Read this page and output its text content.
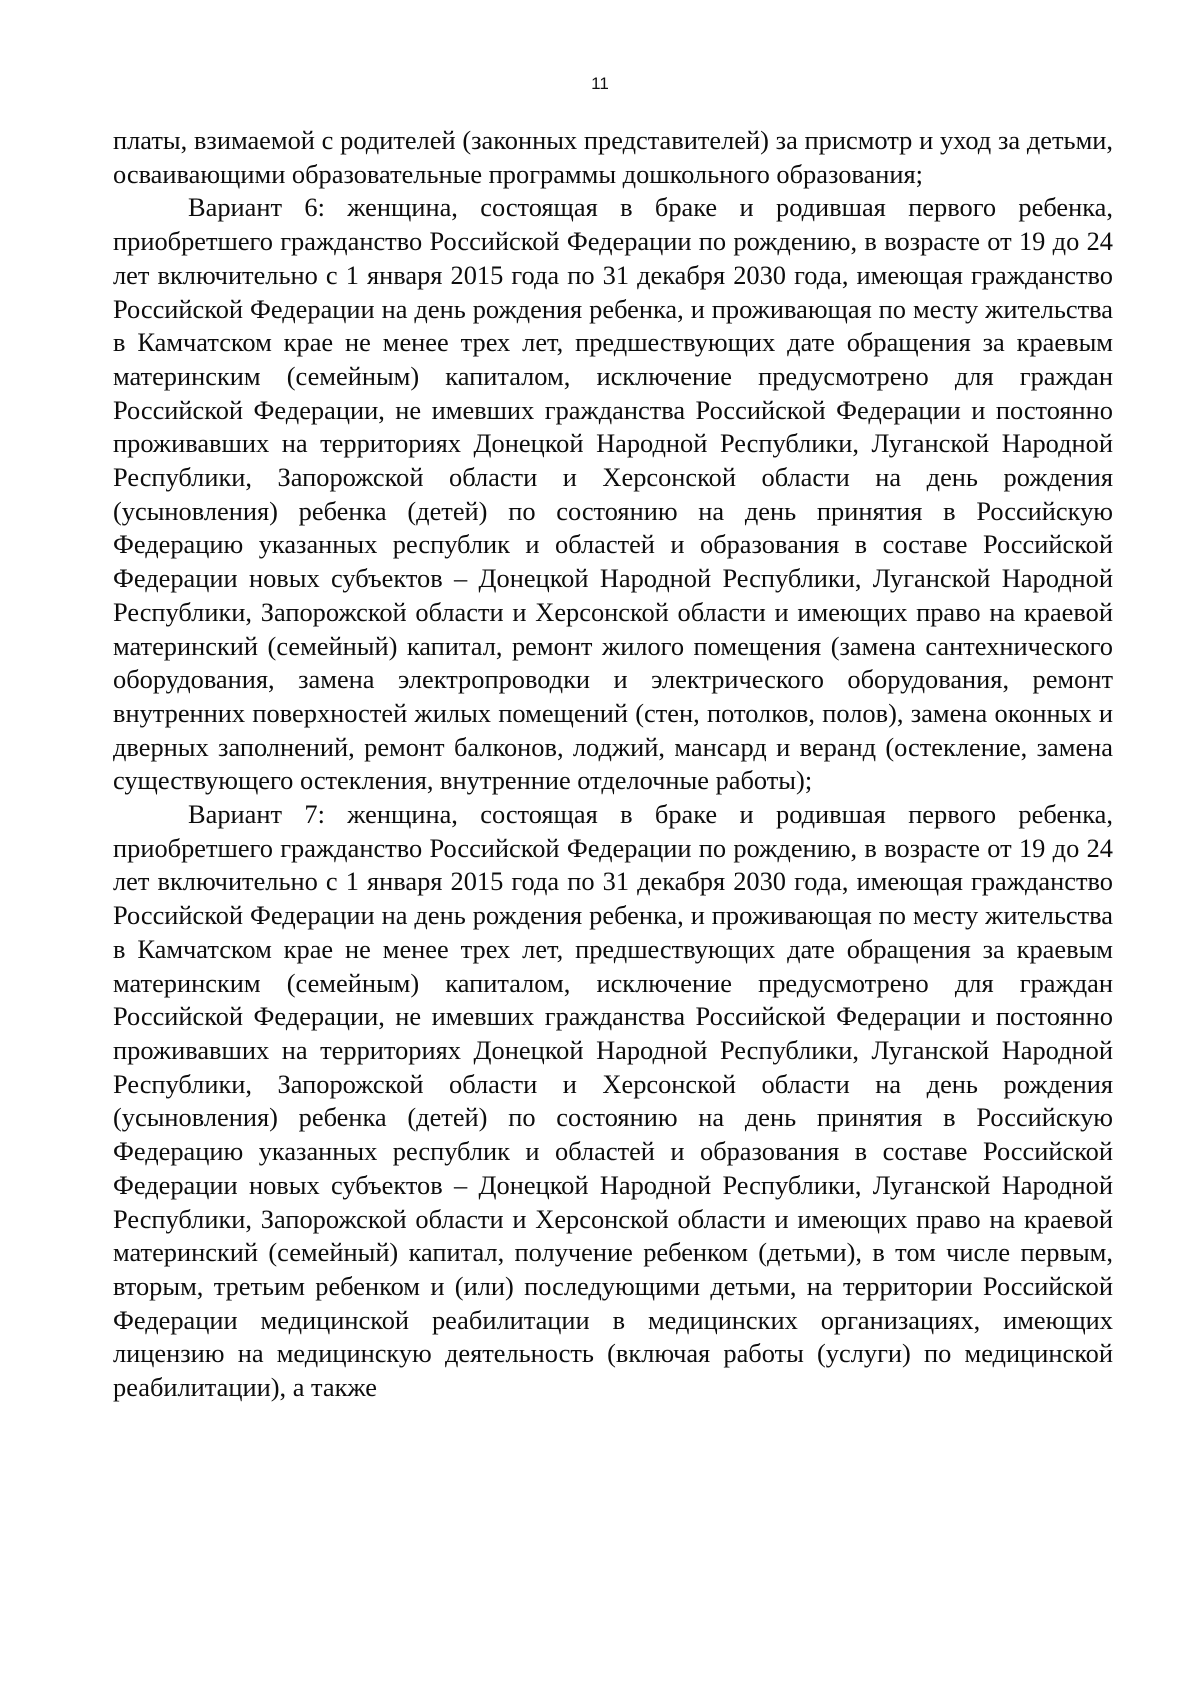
11

платы, взимаемой с родителей (законных представителей) за присмотр и уход за детьми, осваивающими образовательные программы дошкольного образования;

Вариант 6: женщина, состоящая в браке и родившая первого ребенка, приобретшего гражданство Российской Федерации по рождению, в возрасте от 19 до 24 лет включительно с 1 января 2015 года по 31 декабря 2030 года, имеющая гражданство Российской Федерации на день рождения ребенка, и проживающая по месту жительства в Камчатском крае не менее трех лет, предшествующих дате обращения за краевым материнским (семейным) капиталом, исключение предусмотрено для граждан Российской Федерации, не имевших гражданства Российской Федерации и постоянно проживавших на территориях Донецкой Народной Республики, Луганской Народной Республики, Запорожской области и Херсонской области на день рождения (усыновления) ребенка (детей) по состоянию на день принятия в Российскую Федерацию указанных республик и областей и образования в составе Российской Федерации новых субъектов – Донецкой Народной Республики, Луганской Народной Республики, Запорожской области и Херсонской области и имеющих право на краевой материнский (семейный) капитал, ремонт жилого помещения (замена сантехнического оборудования, замена электропроводки и электрического оборудования, ремонт внутренних поверхностей жилых помещений (стен, потолков, полов), замена оконных и дверных заполнений, ремонт балконов, лоджий, мансард и веранд (остекление, замена существующего остекления, внутренние отделочные работы);

Вариант 7: женщина, состоящая в браке и родившая первого ребенка, приобретшего гражданство Российской Федерации по рождению, в возрасте от 19 до 24 лет включительно с 1 января 2015 года по 31 декабря 2030 года, имеющая гражданство Российской Федерации на день рождения ребенка, и проживающая по месту жительства в Камчатском крае не менее трех лет, предшествующих дате обращения за краевым материнским (семейным) капиталом, исключение предусмотрено для граждан Российской Федерации, не имевших гражданства Российской Федерации и постоянно проживавших на территориях Донецкой Народной Республики, Луганской Народной Республики, Запорожской области и Херсонской области на день рождения (усыновления) ребенка (детей) по состоянию на день принятия в Российскую Федерацию указанных республик и областей и образования в составе Российской Федерации новых субъектов – Донецкой Народной Республики, Луганской Народной Республики, Запорожской области и Херсонской области и имеющих право на краевой материнский (семейный) капитал, получение ребенком (детьми), в том числе первым, вторым, третьим ребенком и (или) последующими детьми, на территории Российской Федерации медицинской реабилитации в медицинских организациях, имеющих лицензию на медицинскую деятельность (включая работы (услуги) по медицинской реабилитации), а также
